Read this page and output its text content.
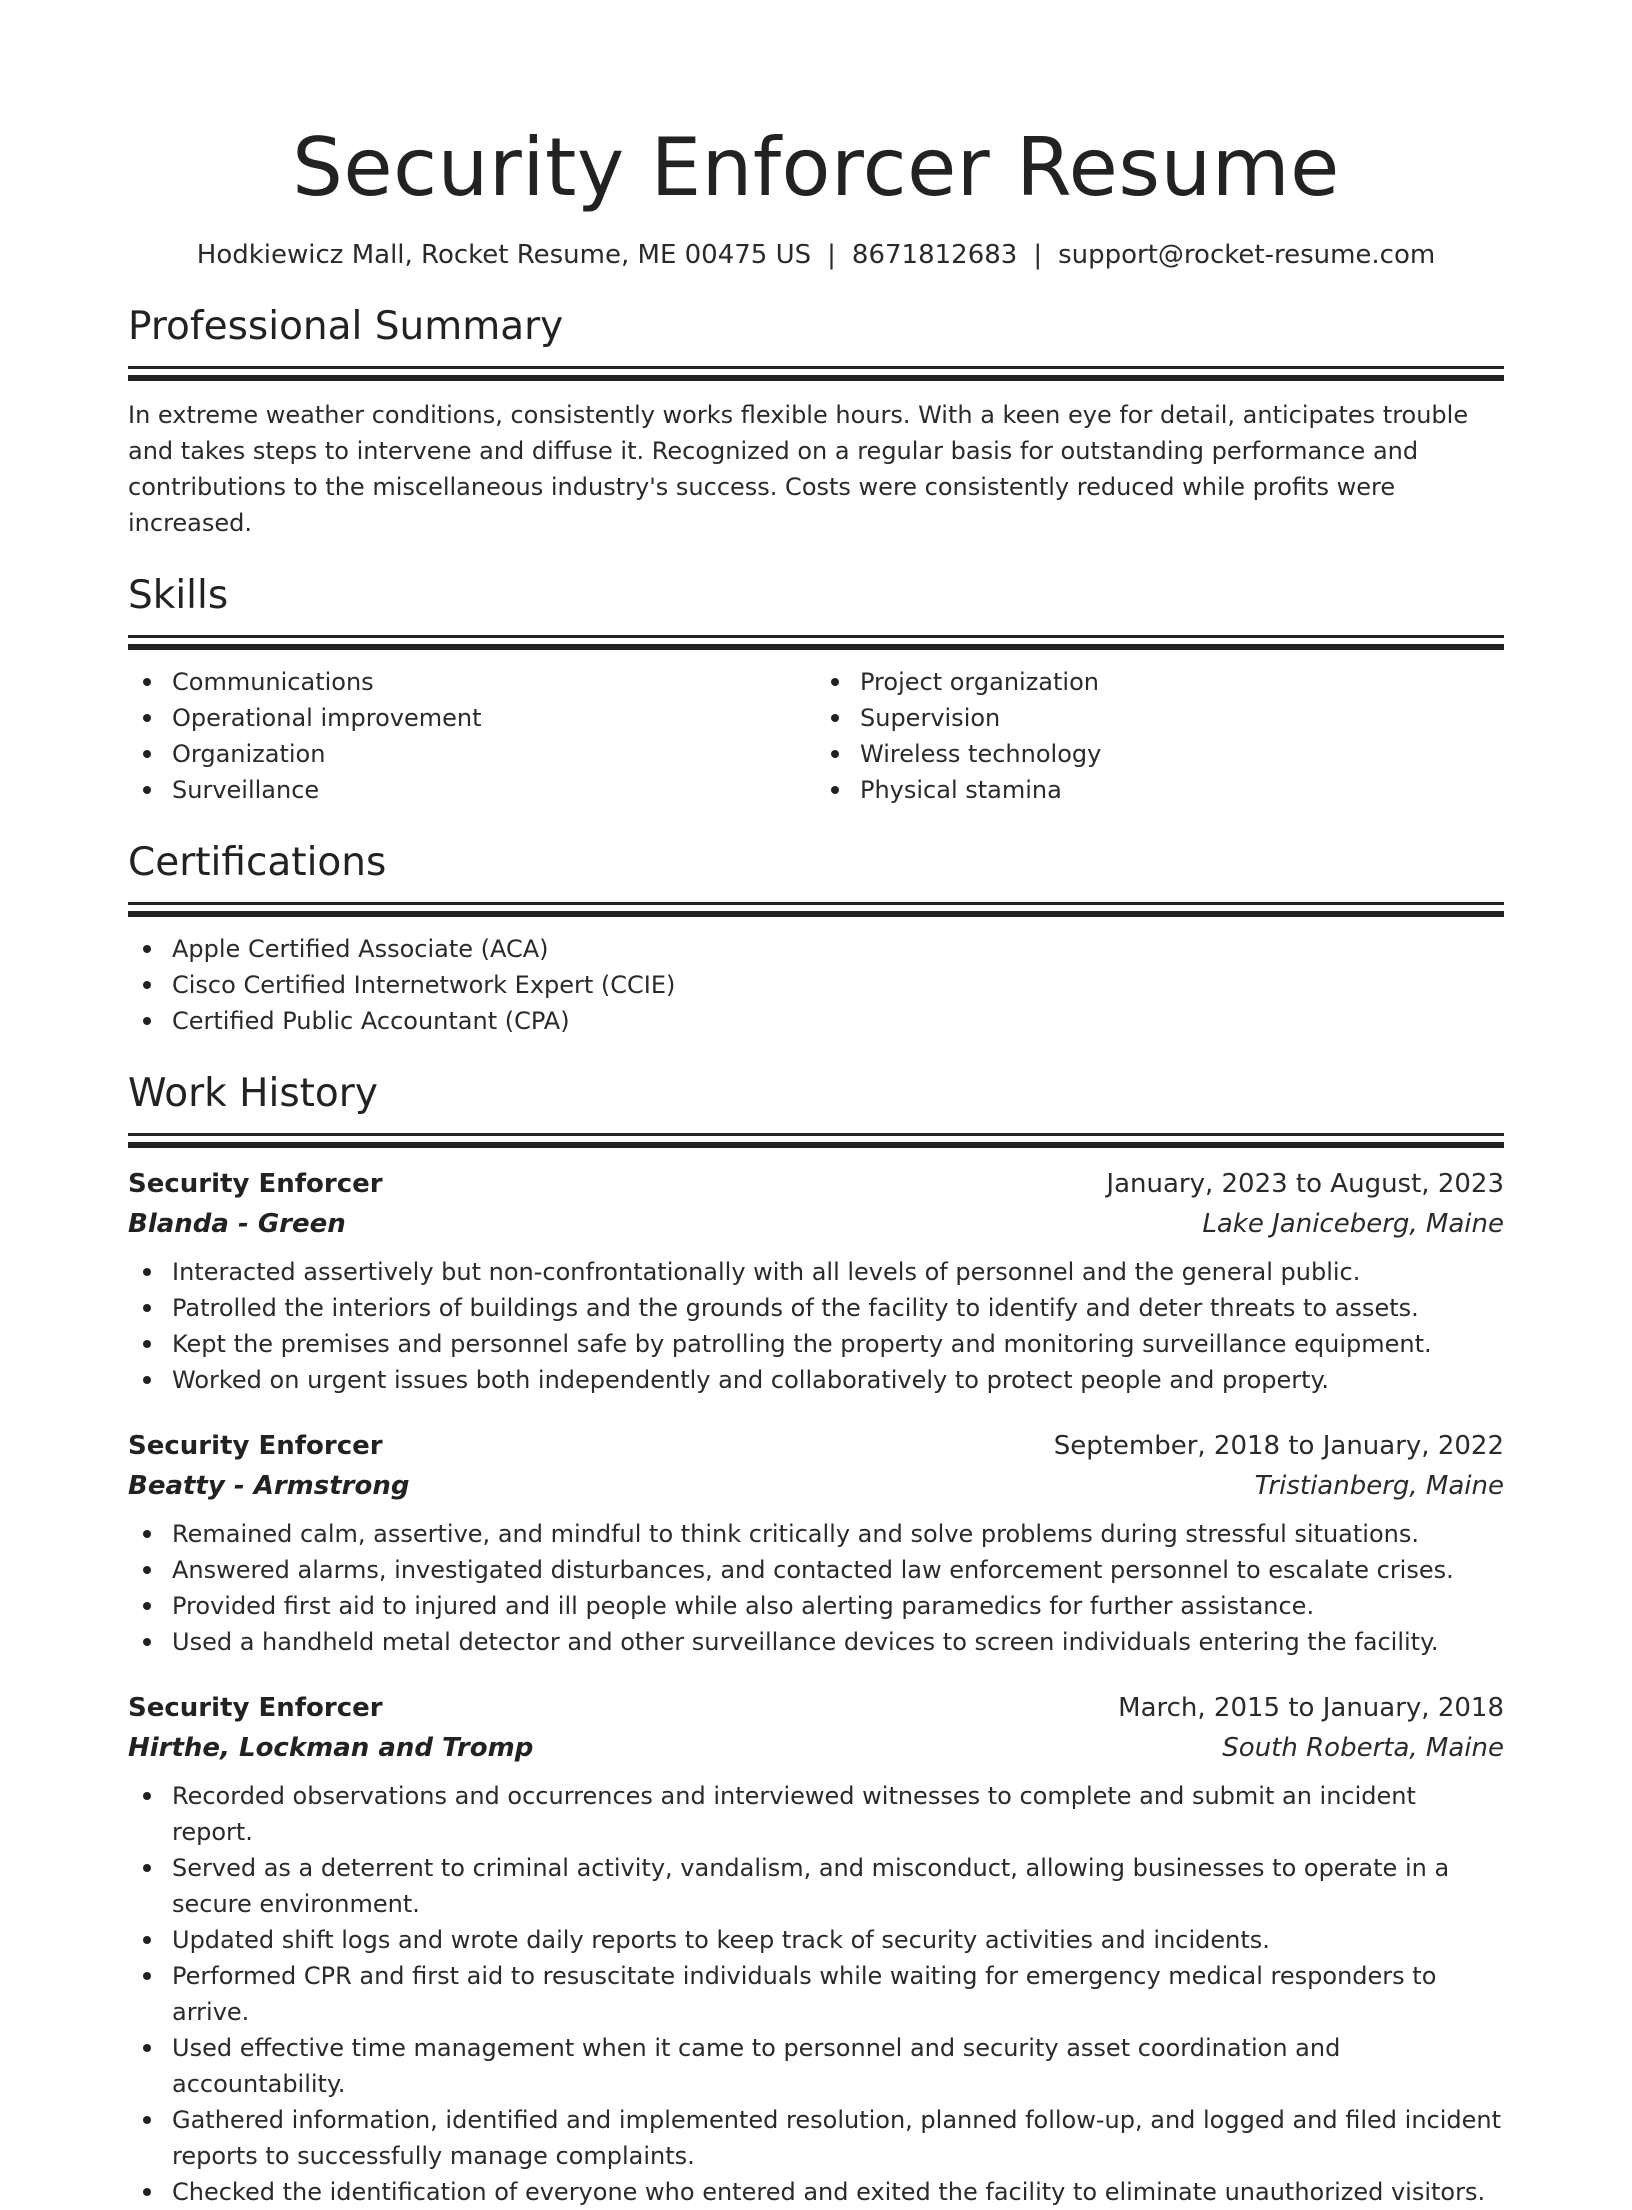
Security Enforcer Resume
Hodkiewicz Mall, Rocket Resume, ME 00475 US | 8671812683 | support@rocket-resume.com
Professional Summary

In extreme weather conditions, consistently works flexible hours. With a keen eye for detail, anticipates trouble and takes steps to intervene and diffuse it. Recognized on a regular basis for outstanding performance and contributions to the miscellaneous industry's success. Costs were consistently reduced while profits were increased.

Skills
Communications
Operational improvement
Organization
Surveillance
Project organization
Supervision
Wireless technology
Physical stamina
Certifications
Apple Certified Associate (ACA)
Cisco Certified Internetwork Expert (CCIE)
Certified Public Accountant (CPA)
Work History
Security Enforcer	January, 2023 to August, 2023
Blanda - Green	Lake Janiceberg, Maine
Interacted assertively but non-confrontationally with all levels of personnel and the general public.
Patrolled the interiors of buildings and the grounds of the facility to identify and deter threats to assets.
Kept the premises and personnel safe by patrolling the property and monitoring surveillance equipment.
Worked on urgent issues both independently and collaboratively to protect people and property.
Security Enforcer	September, 2018 to January, 2022
Beatty - Armstrong	Tristianberg, Maine
Remained calm, assertive, and mindful to think critically and solve problems during stressful situations.
Answered alarms, investigated disturbances, and contacted law enforcement personnel to escalate crises.
Provided first aid to injured and ill people while also alerting paramedics for further assistance.
Used a handheld metal detector and other surveillance devices to screen individuals entering the facility.
Security Enforcer	March, 2015 to January, 2018
Hirthe, Lockman and Tromp	South Roberta, Maine
Recorded observations and occurrences and interviewed witnesses to complete and submit an incident report.
Served as a deterrent to criminal activity, vandalism, and misconduct, allowing businesses to operate in a secure environment.
Updated shift logs and wrote daily reports to keep track of security activities and incidents.
Performed CPR and first aid to resuscitate individuals while waiting for emergency medical responders to arrive.
Used effective time management when it came to personnel and security asset coordination and accountability.
Gathered information, identified and implemented resolution, planned follow-up, and logged and filed incident reports to successfully manage complaints.
Checked the identification of everyone who entered and exited the facility to eliminate unauthorized visitors.
